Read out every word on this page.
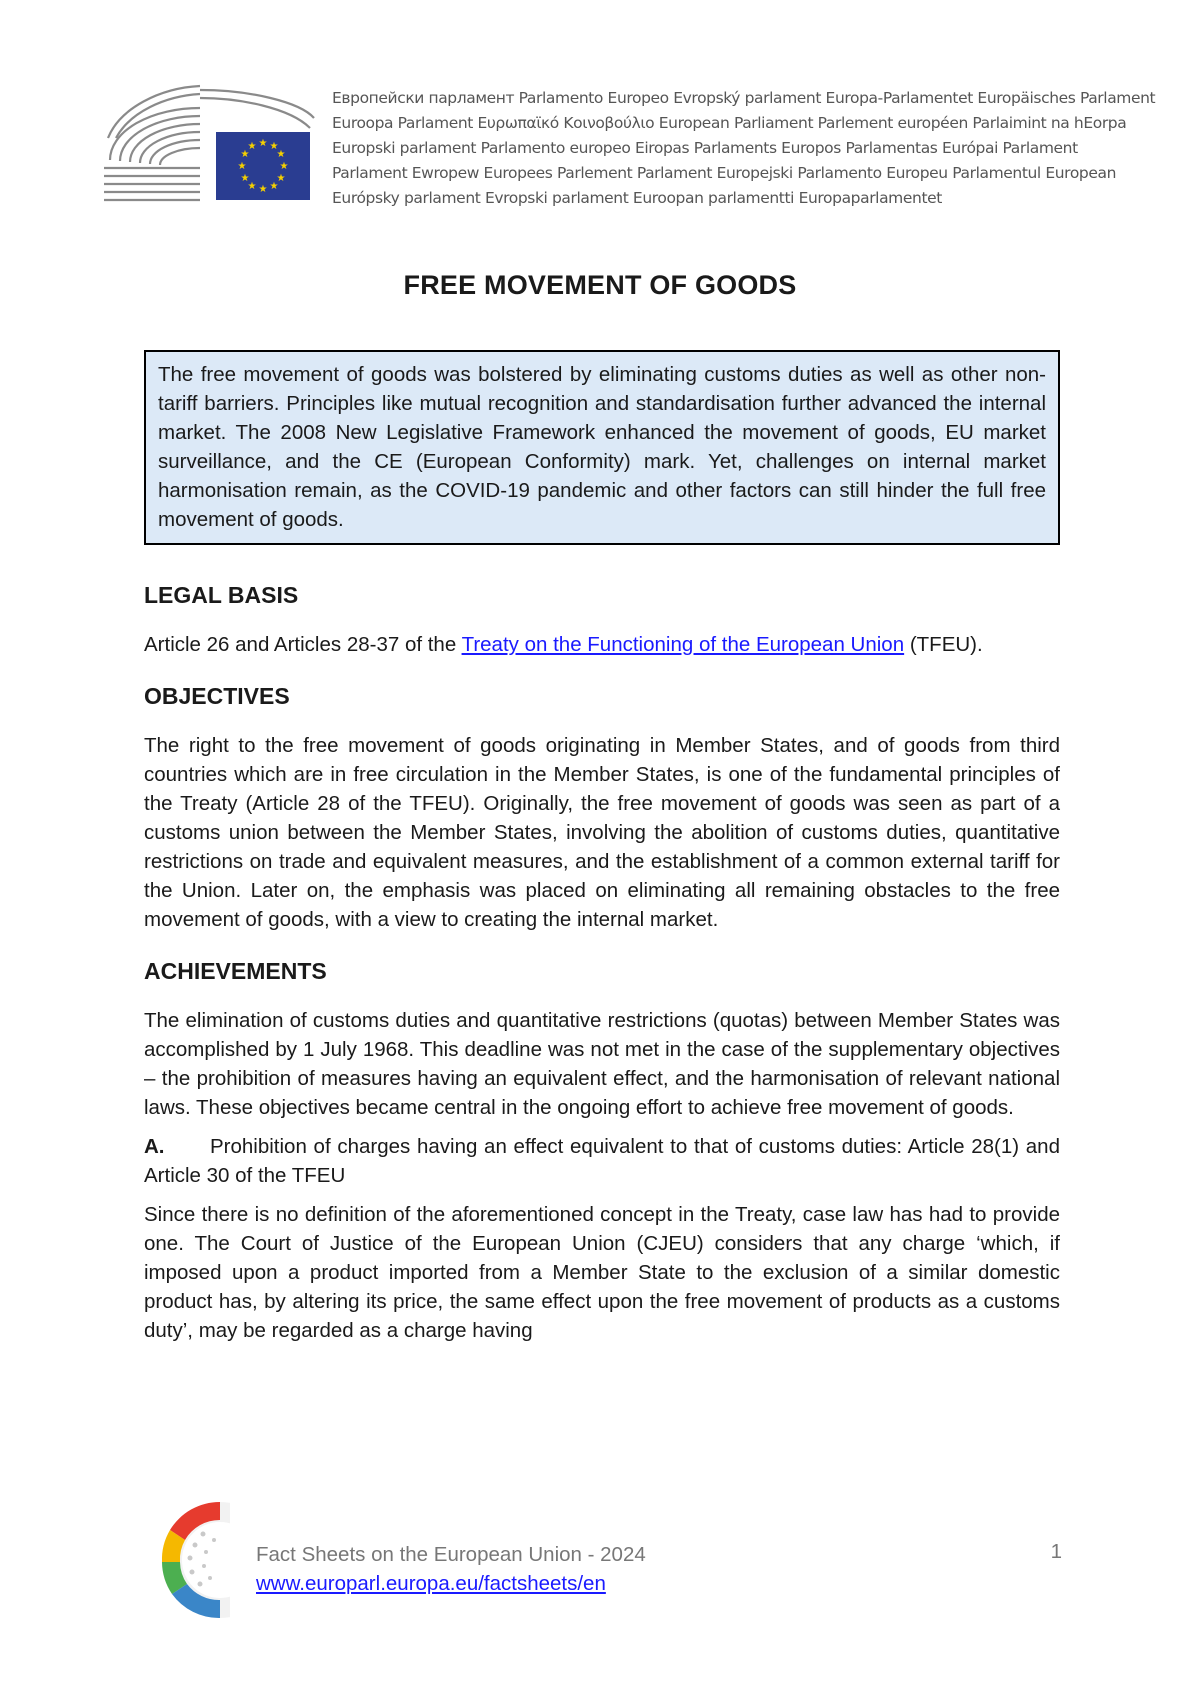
★ ★
★
★
★
★
★
★
★
★
★
★
Европейски парламент Parlamento Europeo Evropský parlament Europa-Parlamentet Europäisches Parlament
Euroopa Parlament Ευρωπαϊκό Κοινοβούλιο European Parliament Parlement européen Parlaimint na hEorpa
Europski parlament Parlamento europeo Eiropas Parlaments Europos Parlamentas Európai Parlament
Parlament Ewropew Europees Parlement Parlament Europejski Parlamento Europeu Parlamentul European
Európsky parlament Evropski parlament Euroopan parlamentti Europaparlamentet
FREE MOVEMENT OF GOODS
The free movement of goods was bolstered by eliminating customs duties as well as other non-tariff barriers. Principles like mutual recognition and standardisation further advanced the internal market. The 2008 New Legislative Framework enhanced the movement of goods, EU market surveillance, and the CE (European Conformity) mark. Yet, challenges on internal market harmonisation remain, as the COVID-19 pandemic and other factors can still hinder the full free movement of goods.
LEGAL BASIS

Article 26 and Articles 28-37 of the Treaty on the Functioning of the European Union (TFEU).

OBJECTIVES

The right to the free movement of goods originating in Member States, and of goods from third countries which are in free circulation in the Member States, is one of the fundamental principles of the Treaty (Article 28 of the TFEU). Originally, the free movement of goods was seen as part of a customs union between the Member States, involving the abolition of customs duties, quantitative restrictions on trade and equivalent measures, and the establishment of a common external tariff for the Union. Later on, the emphasis was placed on eliminating all remaining obstacles to the free movement of goods, with a view to creating the internal market.

ACHIEVEMENTS

The elimination of customs duties and quantitative restrictions (quotas) between Member States was accomplished by 1 July 1968. This deadline was not met in the case of the supplementary objectives – the prohibition of measures having an equivalent effect, and the harmonisation of relevant national laws. These objectives became central in the ongoing effort to achieve free movement of goods.

A. Prohibition of charges having an effect equivalent to that of customs duties: Article 28(1) and Article 30 of the TFEU

Since there is no definition of the aforementioned concept in the Treaty, case law has had to provide one. The Court of Justice of the European Union (CJEU) considers that any charge ‘which, if imposed upon a product imported from a Member State to the exclusion of a similar domestic product has, by altering its price, the same effect upon the free movement of products as a customs duty’, may be regarded as a charge having

Fact Sheets on the European Union - 2024
www.europarl.europa.eu/factsheets/en
1
